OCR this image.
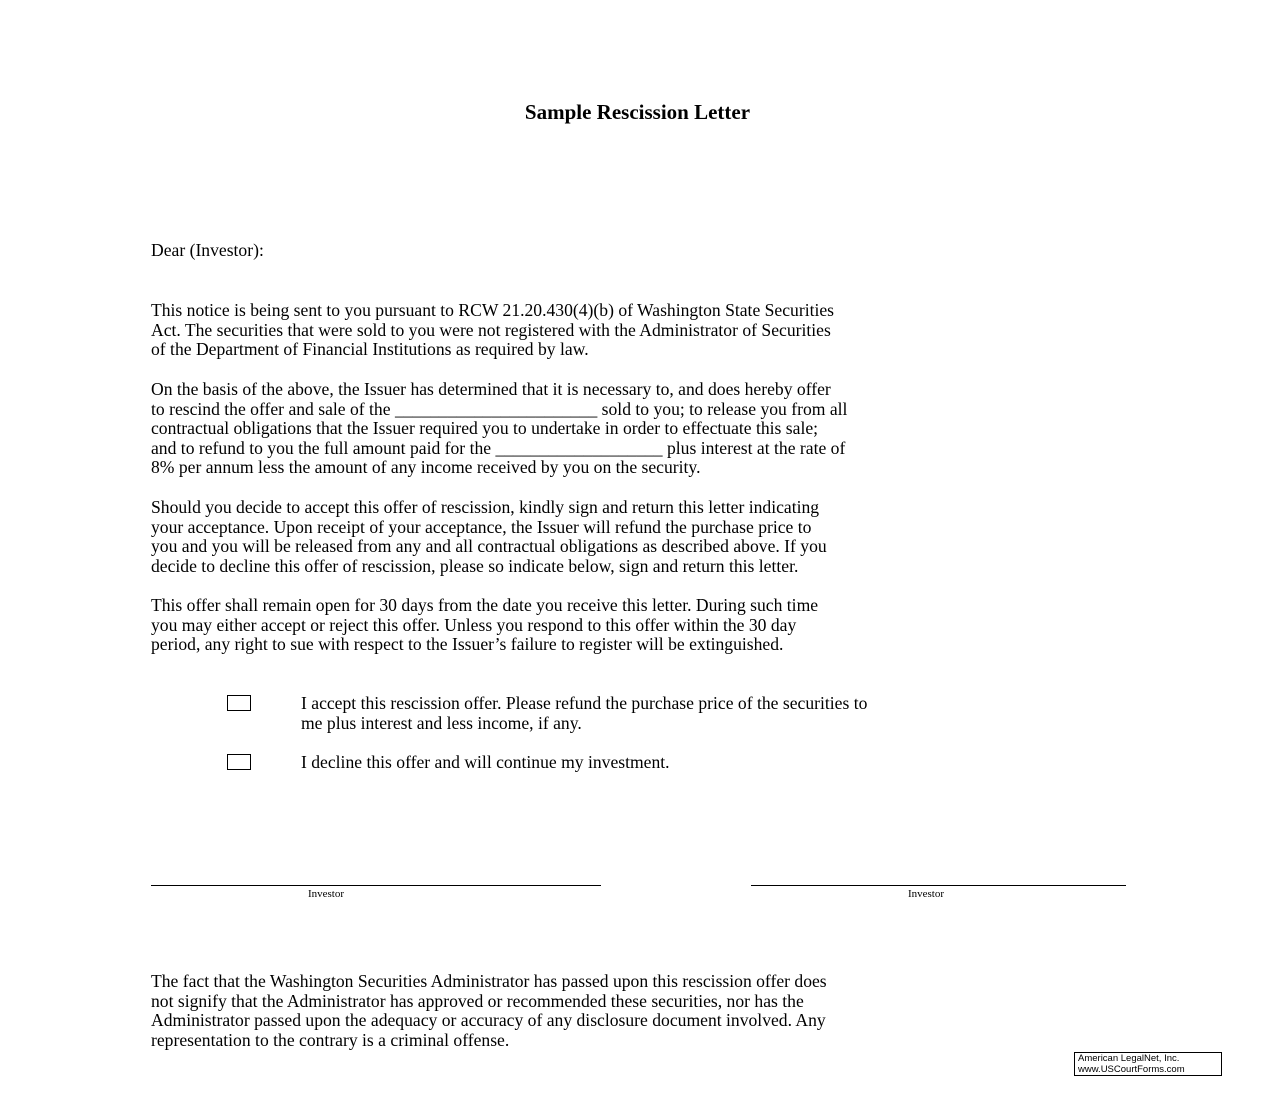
Sample Rescission Letter

Dear (Investor):

This notice is being sent to you pursuant to RCW 21.20.430(4)(b) of Washington State Securities
Act. The securities that were sold to you were not registered with the Administrator of Securities
of the Department of Financial Institutions as required by law.

On the basis of the above, the Issuer has determined that it is necessary to, and does hereby offer
to rescind the offer and sale of the _______________________ sold to you; to release you from all
contractual obligations that the Issuer required you to undertake in order to effectuate this sale;
and to refund to you the full amount paid for the ___________________ plus interest at the rate of
8% per annum less the amount of any income received by you on the security.

Should you decide to accept this offer of rescission, kindly sign and return this letter indicating
your acceptance. Upon receipt of your acceptance, the Issuer will refund the purchase price to
you and you will be released from any and all contractual obligations as described above. If you
decide to decline this offer of rescission, please so indicate below, sign and return this letter.

This offer shall remain open for 30 days from the date you receive this letter. During such time
you may either accept or reject this offer. Unless you respond to this offer within the 30 day
period, any right to sue with respect to the Issuer’s failure to register will be extinguished.

I accept this rescission offer. Please refund the purchase price of the securities to
me plus interest and less income, if any.
I decline this offer and will continue my investment.
Investor	Investor

The fact that the Washington Securities Administrator has passed upon this rescission offer does
not signify that the Administrator has approved or recommended these securities, nor has the
Administrator passed upon the adequacy or accuracy of any disclosure document involved. Any
representation to the contrary is a criminal offense.

American LegalNet, Inc.
www.USCourtForms.com
